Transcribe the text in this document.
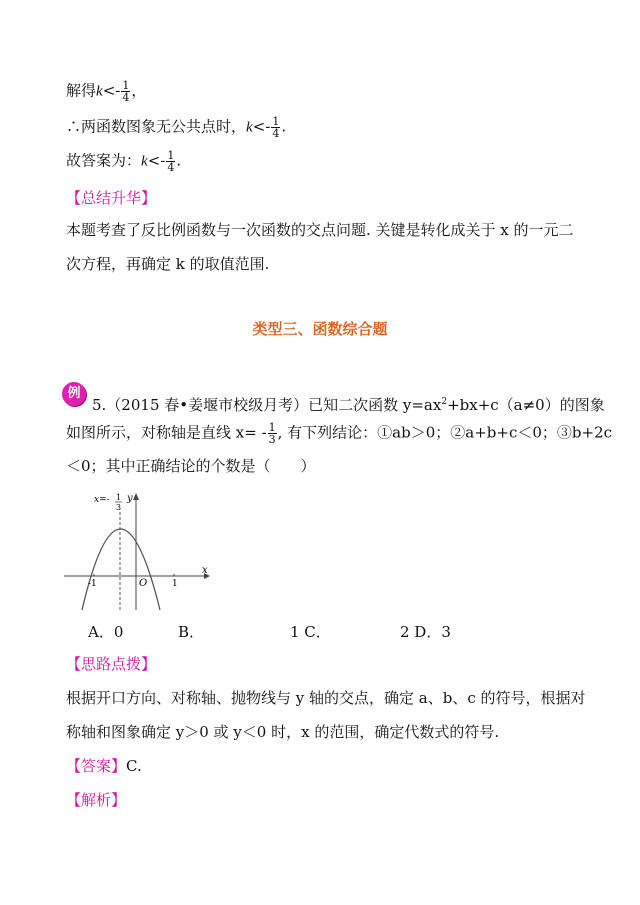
解得$k<- \frac{1}{4}$ ，
∴两函数图象无公共点时，$k<- \frac{1}{4}$ .
故答案为：$k<- \frac{1}{4}$ .
【总结升华】
本题考查了反比例函数与一次函数的交点问题. 关键是转化成关于 x 的一元二
次方程，再确定 k 的取值范围.
类型三、函数综合题
例
5.（2015 春•姜堰市校级月考）已知二次函数 $y=ax^2+bx+c(a\ne 0)$的图象
如图所示，对称轴是直线 $x= - \frac{1}{3}$ , 有下列结论：①ab＞0；②a+b+c＜0；③b+2c
＜0；其中正确结论的个数是（　　）
x=- 1
3
y
x
O
-1	1
A．0	B．	1 C．	2 D．3
【思路点拨】
根据开口方向、对称轴、抛物线与 y 轴的交点，确定 a、b、c 的符号，根据对
称轴和图象确定 y＞0 或 y＜0 时，x 的范围，确定代数式的符号.
【答案】C.
【解析】
